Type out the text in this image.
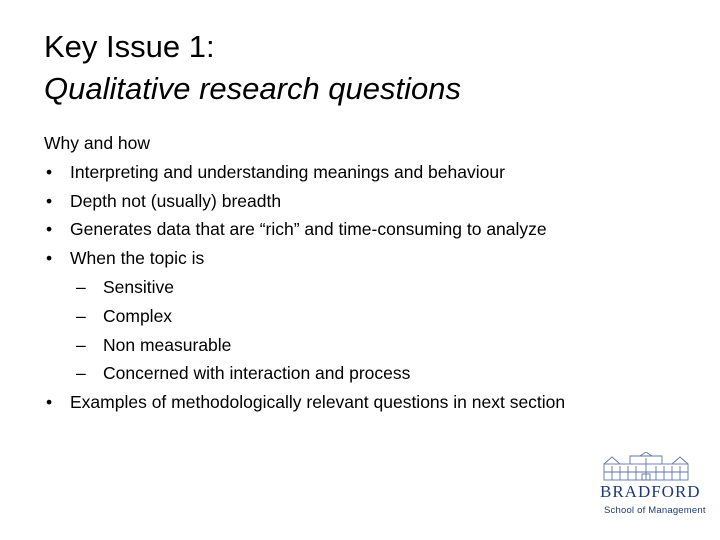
Key Issue 1:
Qualitative research questions
Why and how
• Interpreting and understanding meanings and behaviour
• Depth not (usually) breadth
• Generates data that are “rich” and time-consuming to analyze
• When the topic is
– Sensitive
– Complex
– Non measurable
– Concerned with interaction and process
• Examples of methodologically relevant questions in next section
BRADFORD
School of Management
